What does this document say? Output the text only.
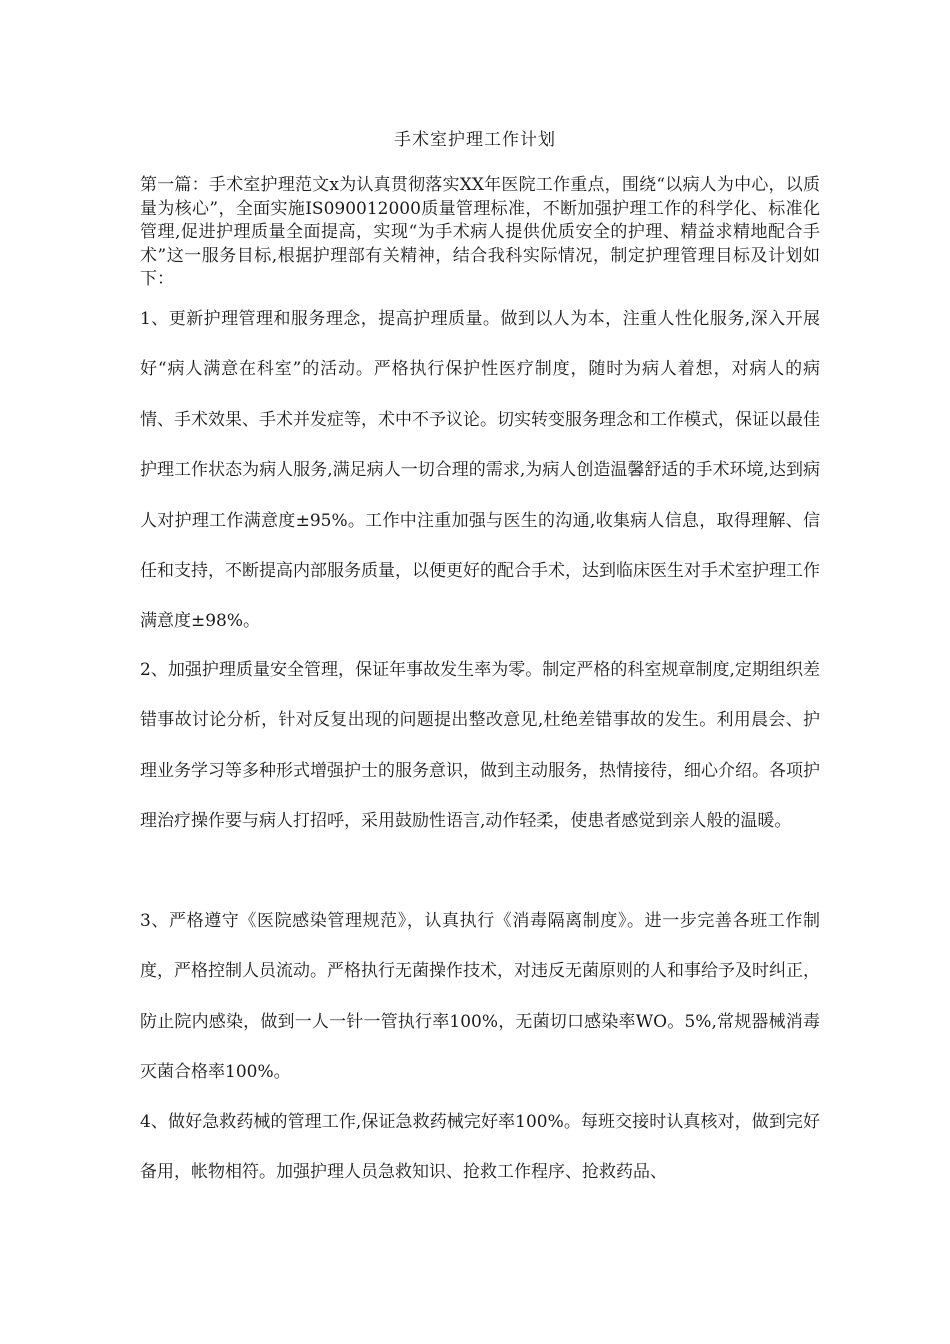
手术室护理工作计划

第一篇：手术室护理范文x为认真贯彻落实XX年医院工作重点，围绕“以病人为中心，以质量为核心”，全面实施IS090012000质量管理标准，不断加强护理工作的科学化、标准化管理,促进护理质量全面提高，实现“为手术病人提供优质安全的护理、精益求精地配合手术”这一服务目标,根据护理部有关精神，结合我科实际情况，制定护理管理目标及计划如下：

1、更新护理管理和服务理念，提高护理质量。做到以人为本，注重人性化服务,深入开展好“病人满意在科室”的活动。严格执行保护性医疗制度，随时为病人着想，对病人的病情、手术效果、手术并发症等，术中不予议论。切实转变服务理念和工作模式，保证以最佳护理工作状态为病人服务,满足病人一切合理的需求,为病人创造温馨舒适的手术环境,达到病人对护理工作满意度±95%。工作中注重加强与医生的沟通,收集病人信息，取得理解、信任和支持，不断提高内部服务质量，以便更好的配合手术，达到临床医生对手术室护理工作满意度±98%。

2、加强护理质量安全管理，保证年事故发生率为零。制定严格的科室规章制度,定期组织差错事故讨论分析，针对反复出现的问题提出整改意见,杜绝差错事故的发生。利用晨会、护理业务学习等多种形式增强护士的服务意识，做到主动服务，热情接待，细心介绍。各项护理治疗操作要与病人打招呼，采用鼓励性语言,动作轻柔，使患者感觉到亲人般的温暖。

3、严格遵守《医院感染管理规范》，认真执行《消毒隔离制度》。进一步完善各班工作制度，严格控制人员流动。严格执行无菌操作技术，对违反无菌原则的人和事给予及时纠正，防止院内感染，做到一人一针一管执行率100%，无菌切口感染率WO。5%,常规器械消毒灭菌合格率100%。

4、做好急救药械的管理工作,保证急救药械完好率100%。每班交接时认真核对，做到完好备用，帐物相符。加强护理人员急救知识、抢救工作程序、抢救药品、
